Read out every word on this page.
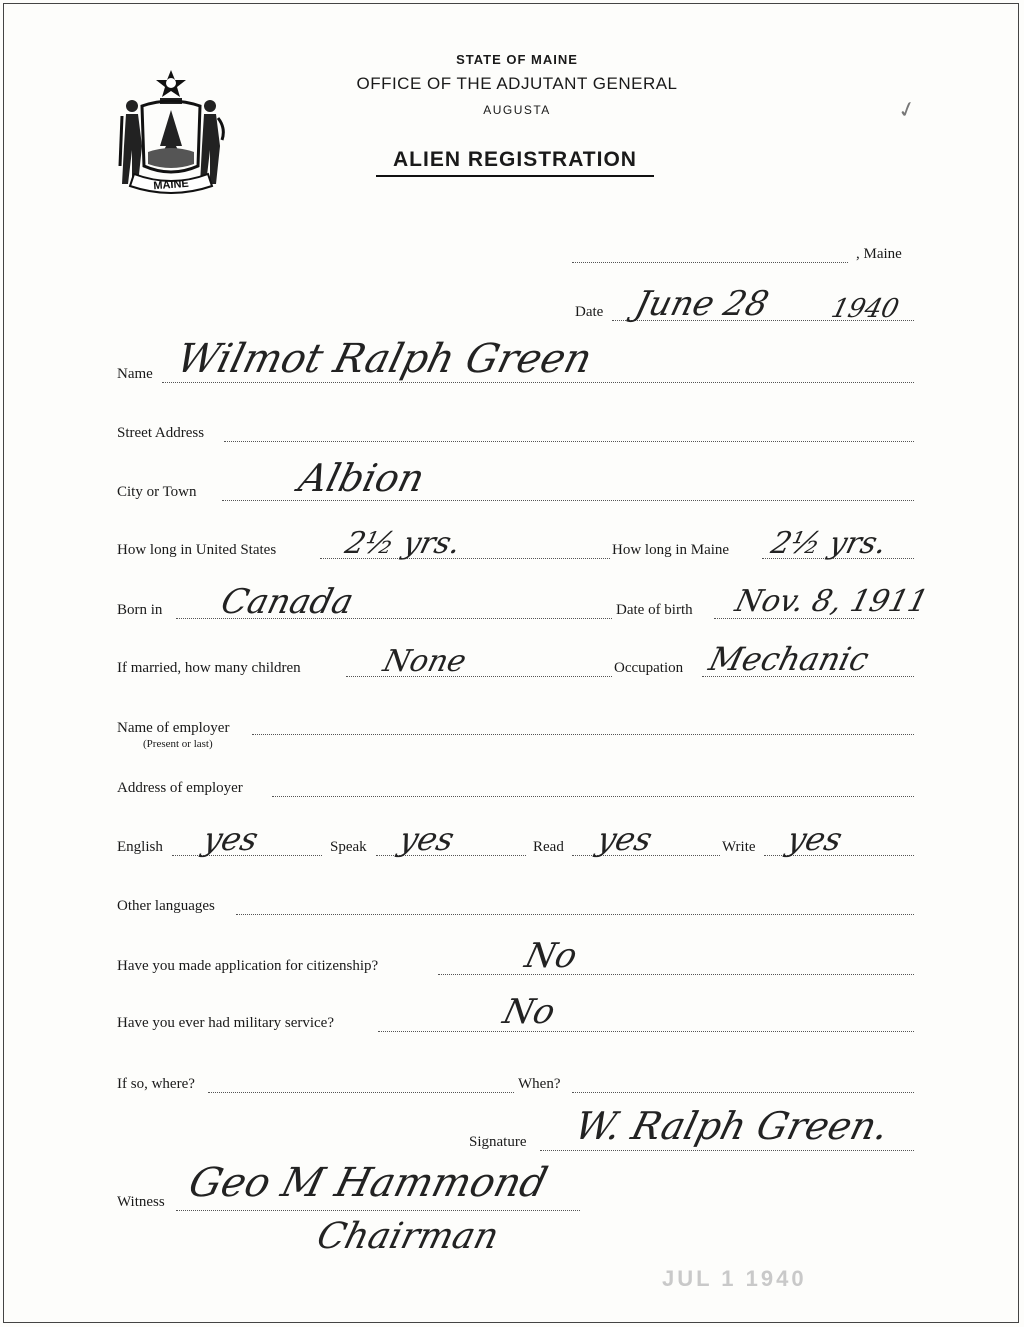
MAINE
STATE OF MAINE
OFFICE OF THE ADJUTANT GENERAL
AUGUSTA
ALIEN REGISTRATION
✓
, Maine
Date June 28 1940
Name Wilmot Ralph Green
Street Address
City or Town	Albion
How long in United States 2½ yrs.	How long in Maine 2½ yrs.
Born in Canada	Date of birth Nov. 8, 1911
If married, how many children	None	Occupation Mechanic
Name of employer
(Present or last)
Address of employer
English yes	Speak yes	Read yes	Write yes
Other languages
Have you made application for citizenship?	No
Have you ever had military service?	No
If so, where?	When?
Signature W. Ralph Green.
Witness Geo M Hammond
Chairman
JUL 1 1940
